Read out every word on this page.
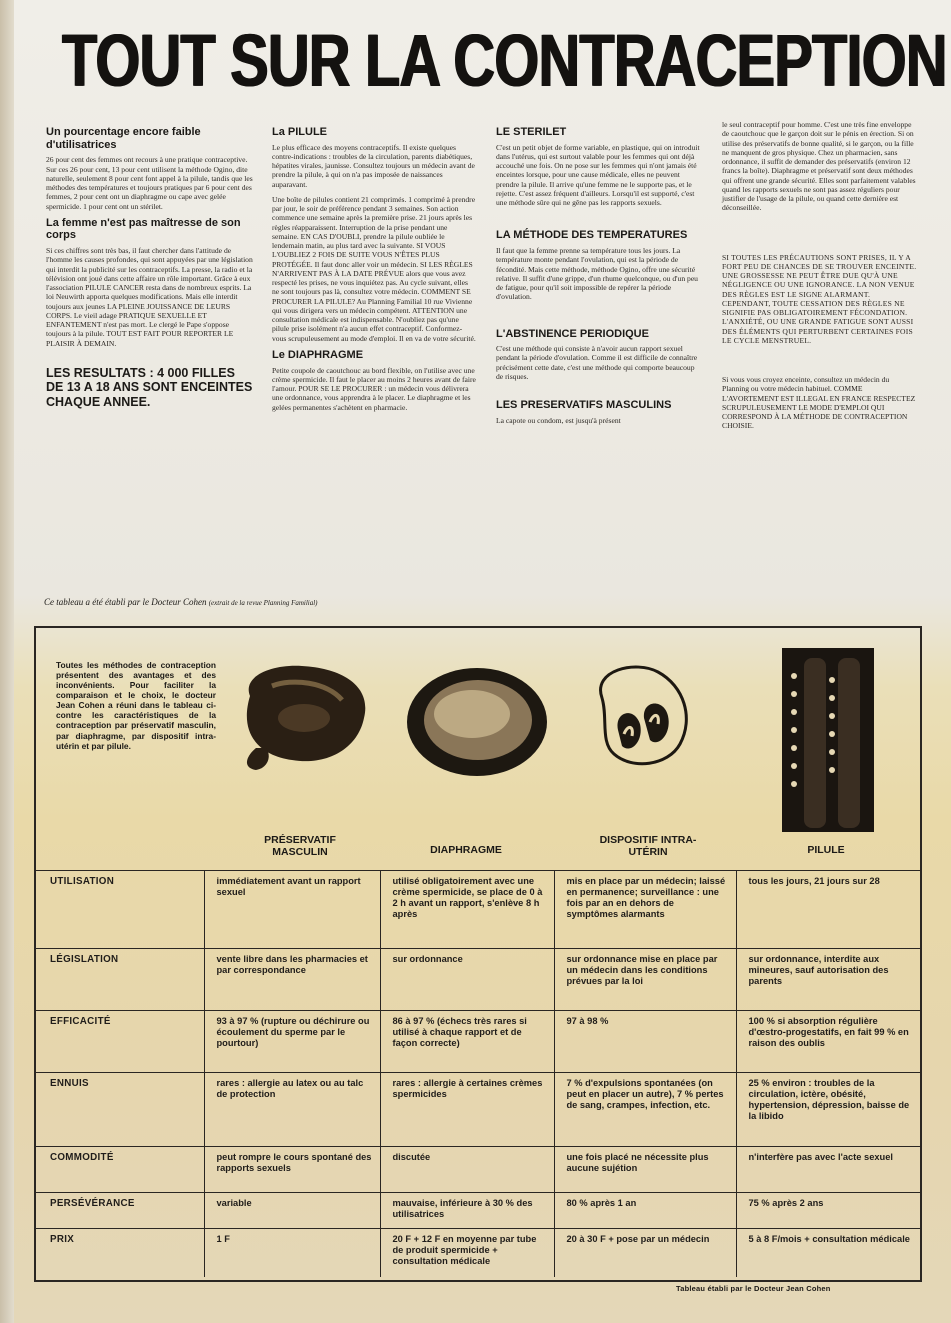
TOUT SUR LA CONTRACEPTION
Un pourcentage encore faible d'utilisatrices

26 pour cent des femmes ont recours à une pratique contraceptive. Sur ces 26 pour cent, 13 pour cent utilisent la méthode Ogino, dite naturelle, seulement 8 pour cent font appel à la pilule, tandis que les méthodes des températures et toujours pratiques par 6 pour cent des femmes, 2 pour cent ont un diaphragme ou cape avec gelée spermicide. 1 pour cent ont un stérilet.

La femme n'est pas maîtresse de son corps

Si ces chiffres sont très bas, il faut chercher dans l'attitude de l'homme les causes profondes, qui sont appuyées par une législation qui interdit la publicité sur les contraceptifs. La presse, la radio et la télévision ont joué dans cette affaire un rôle important. Grâce à eux l'association PILULE CANCER resta dans de nombreux esprits. La loi Neuwirth apporta quelques modifications. Mais elle interdit toujours aux jeunes LA PLEINE JOUISSANCE DE LEURS CORPS. Le vieil adage PRATIQUE SEXUELLE ET ENFANTEMENT n'est pas mort. Le clergé le Pape s'oppose toujours à la pilule. TOUT EST FAIT POUR REPORTER LE PLAISIR À DEMAIN.

LES RESULTATS : 4 000 FILLES DE 13 A 18 ANS SONT ENCEINTES CHAQUE ANNEE.
La PILULE

Le plus efficace des moyens contraceptifs. Il existe quelques contre-indications : troubles de la circulation, parents diabétiques, hépatites virales, jaunisse. Consultez toujours un médecin avant de prendre la pilule, à qui on n'a pas imposée de naissances auparavant.

Une boîte de pilules contient 21 comprimés. 1 comprimé à prendre par jour, le soir de préférence pendant 3 semaines. Son action commence une semaine après la première prise. 21 jours après les règles réapparaissent. Interruption de la prise pendant une semaine. EN CAS D'OUBLI, prendre la pilule oubliée le lendemain matin, au plus tard avec la suivante. SI VOUS L'OUBLIEZ 2 FOIS DE SUITE VOUS N'ÊTES PLUS PROTÉGÉE. Il faut donc aller voir un médecin. SI LES RÈGLES N'ARRIVENT PAS À LA DATE PRÉVUE alors que vous avez respecté les prises, ne vous inquiétez pas. Au cycle suivant, elles ne sont toujours pas là, consultez votre médecin. COMMENT SE PROCURER LA PILULE? Au Planning Familial 10 rue Vivienne qui vous dirigera vers un médecin compétent. ATTENTION une consultation médicale est indispensable. N'oubliez pas qu'une pilule prise isolément n'a aucun effet contraceptif. Conformez-vous scrupuleusement au mode d'emploi. Il en va de votre sécurité.

Le DIAPHRAGME

Petite coupole de caoutchouc au bord flexible, on l'utilise avec une crème spermicide. Il faut le placer au moins 2 heures avant de faire l'amour. POUR SE LE PROCURER : un médecin vous délivrera une ordonnance, vous apprendra à le placer. Le diaphragme et les gelées permanentes s'achètent en pharmacie.

LE STERILET

C'est un petit objet de forme variable, en plastique, qui on introduit dans l'utérus, qui est surtout valable pour les femmes qui ont déjà accouché une fois. On ne pose sur les femmes qui n'ont jamais été enceintes lorsque, pour une cause médicale, elles ne peuvent prendre la pilule. Il arrive qu'une femme ne le supporte pas, et le rejette. C'est assez fréquent d'ailleurs. Lorsqu'il est supporté, c'est une méthode sûre qui ne gêne pas les rapports sexuels.

LA MÉTHODE DES TEMPERATURES

Il faut que la femme prenne sa température tous les jours. La température monte pendant l'ovulation, qui est la période de fécondité. Mais cette méthode, méthode Ogino, offre une sécurité relative. Il suffit d'une grippe, d'un rhume quelconque, ou d'un peu de fatigue, pour qu'il soit impossible de repérer la période d'ovulation.

L'ABSTINENCE PERIODIQUE

C'est une méthode qui consiste à n'avoir aucun rapport sexuel pendant la période d'ovulation. Comme il est difficile de connaître précisément cette date, c'est une méthode qui comporte beaucoup de risques.

LES PRESERVATIFS MASCULINS

La capote ou condom, est jusqu'à présent

le seul contraceptif pour homme. C'est une très fine enveloppe de caoutchouc que le garçon doit sur le pénis en érection. Si on utilise des préservatifs de bonne qualité, si le garçon, ou la fille ne manquent de gros physique. Chez un pharmacien, sans ordonnance, il suffit de demander des préservatifs (environ 12 francs la boîte). Diaphragme et préservatif sont deux méthodes qui offrent une grande sécurité. Elles sont parfaitement valables quand les rapports sexuels ne sont pas assez réguliers pour justifier de l'usage de la pilule, ou quand cette dernière est déconseillée.

SI TOUTES LES PRÉCAUTIONS SONT PRISES, IL Y A FORT PEU DE CHANCES DE SE TROUVER ENCEINTE. UNE GROSSESSE NE PEUT ÊTRE DUE QU'À UNE NÉGLIGENCE OU UNE IGNORANCE. LA NON VENUE DES RÈGLES EST LE SIGNE ALARMANT. CEPENDANT, TOUTE CESSATION DES RÈGLES NE SIGNIFIE PAS OBLIGATOIREMENT FÉCONDATION. L'ANXIÉTÉ, OU UNE GRANDE FATIGUE SONT AUSSI DES ÉLÉMENTS QUI PERTURBENT CERTAINES FOIS LE CYCLE MENSTRUEL.

Si vous vous croyez enceinte, consultez un médecin du Planning ou votre médecin habituel. COMME L'AVORTEMENT EST ILLEGAL EN FRANCE RESPECTEZ SCRUPULEUSEMENT LE MODE D'EMPLOI QUI CORRESPOND À LA MÉTHODE DE CONTRACEPTION CHOISIE.

Ce tableau a été établi par le Docteur Cohen (extrait de la revue Planning Familial)
Toutes les méthodes de contraception présentent des avantages et des inconvénients. Pour faciliter la comparaison et le choix, le docteur Jean Cohen a réuni dans le tableau ci-contre les caractéristiques de la contraception par préservatif masculin, par diaphragme, par dispositif intra-utérin et par pilule.
PRÉSERVATIF MASCULIN	DIAPHRAGME
DISPOSITIF INTRA-UTÉRIN	PILULE
UTILISATION	immédiatement avant un rapport sexuel	utilisé obligatoirement avec une crème spermicide, se place de 0 à 2 h avant un rapport, s'enlève 8 h après	mis en place par un médecin; laissé en permanence; surveillance : une fois par an en dehors de symptômes alarmants	tous les jours, 21 jours sur 28
LÉGISLATION	vente libre dans les pharmacies et par correspondance	sur ordonnance	sur ordonnance mise en place par un médecin dans les conditions prévues par la loi	sur ordonnance, interdite aux mineures, sauf autorisation des parents
EFFICACITÉ	93 à 97 % (rupture ou déchirure ou écoulement du sperme par le pourtour)	86 à 97 % (échecs très rares si utilisé à chaque rapport et de façon correcte)	97 à 98 %	100 % si absorption régulière d'œstro-progestatifs, en fait 99 % en raison des oublis
ENNUIS	rares : allergie au latex ou au talc de protection	rares : allergie à certaines crèmes spermicides	7 % d'expulsions spontanées (on peut en placer un autre), 7 % pertes de sang, crampes, infection, etc.	25 % environ : troubles de la circulation, ictère, obésité, hypertension, dépression, baisse de la libido
COMMODITÉ	peut rompre le cours spontané des rapports sexuels	discutée	une fois placé ne nécessite plus aucune sujétion	n'interfère pas avec l'acte sexuel
PERSÉVÉRANCE	variable	mauvaise, inférieure à 30 % des utilisatrices	80 % après 1 an	75 % après 2 ans
PRIX	1 F	20 F + 12 F en moyenne par tube de produit spermicide + consultation médicale	20 à 30 F + pose par un médecin	5 à 8 F/mois + consultation médicale
Tableau établi par le Docteur Jean Cohen
